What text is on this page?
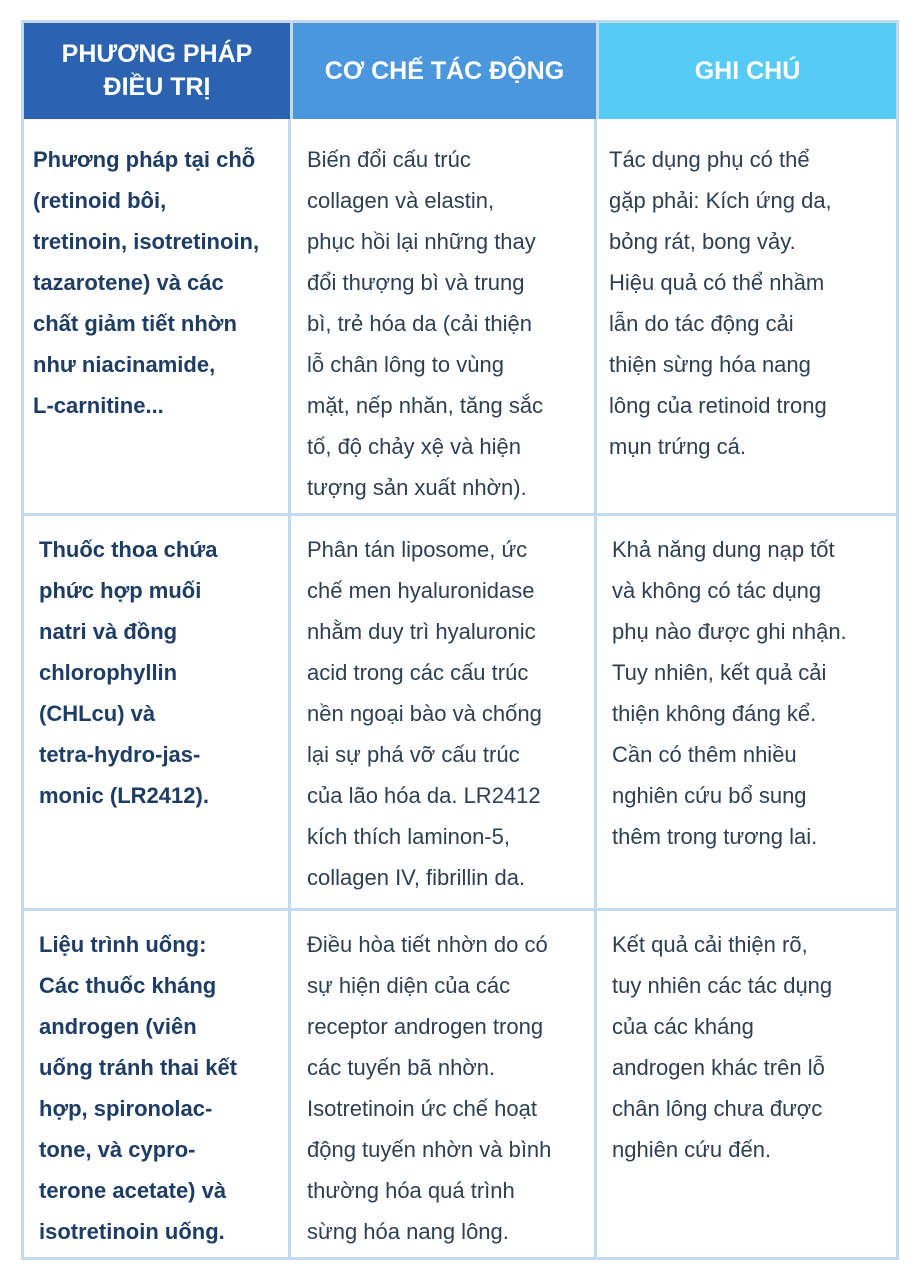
PHƯƠNG PHÁP
ĐIỀU TRỊ
CƠ CHẾ TÁC ĐỘNG	GHI CHÚ
Phương pháp tại chỗ
(retinoid bôi,
tretinoin, isotretinoin,
tazarotene) và các
chất giảm tiết nhờn
như niacinamide,
L-carnitine...
Biến đổi cấu trúc
collagen và elastin,
phục hồi lại những thay
đổi thượng bì và trung
bì, trẻ hóa da (cải thiện
lỗ chân lông to vùng
mặt, nếp nhăn, tăng sắc
tố, độ chảy xệ và hiện
tượng sản xuất nhờn).
Tác dụng phụ có thể
gặp phải: Kích ứng da,
bỏng rát, bong vảy.
Hiệu quả có thể nhầm
lẫn do tác động cải
thiện sừng hóa nang
lông của retinoid trong
mụn trứng cá.
Thuốc thoa chứa
phức hợp muối
natri và đồng
chlorophyllin
(CHLcu) và
tetra-hydro-jas-
monic (LR2412).
Phân tán liposome, ức
chế men hyaluronidase
nhằm duy trì hyaluronic
acid trong các cấu trúc
nền ngoại bào và chống
lại sự phá vỡ cấu trúc
của lão hóa da. LR2412
kích thích laminon-5,
collagen IV, fibrillin da.
Khả năng dung nạp tốt
và không có tác dụng
phụ nào được ghi nhận.
Tuy nhiên, kết quả cải
thiện không đáng kể.
Cần có thêm nhiều
nghiên cứu bổ sung
thêm trong tương lai.
Liệu trình uống:
Các thuốc kháng
androgen (viên
uống tránh thai kết
hợp, spironolac-
tone, và cypro-
terone acetate) và
isotretinoin uống.
Điều hòa tiết nhờn do có
sự hiện diện của các
receptor androgen trong
các tuyến bã nhờn.
Isotretinoin ức chế hoạt
động tuyến nhờn và bình
thường hóa quá trình
sừng hóa nang lông.
Kết quả cải thiện rõ,
tuy nhiên các tác dụng
của các kháng
androgen khác trên lỗ
chân lông chưa được
nghiên cứu đến.
